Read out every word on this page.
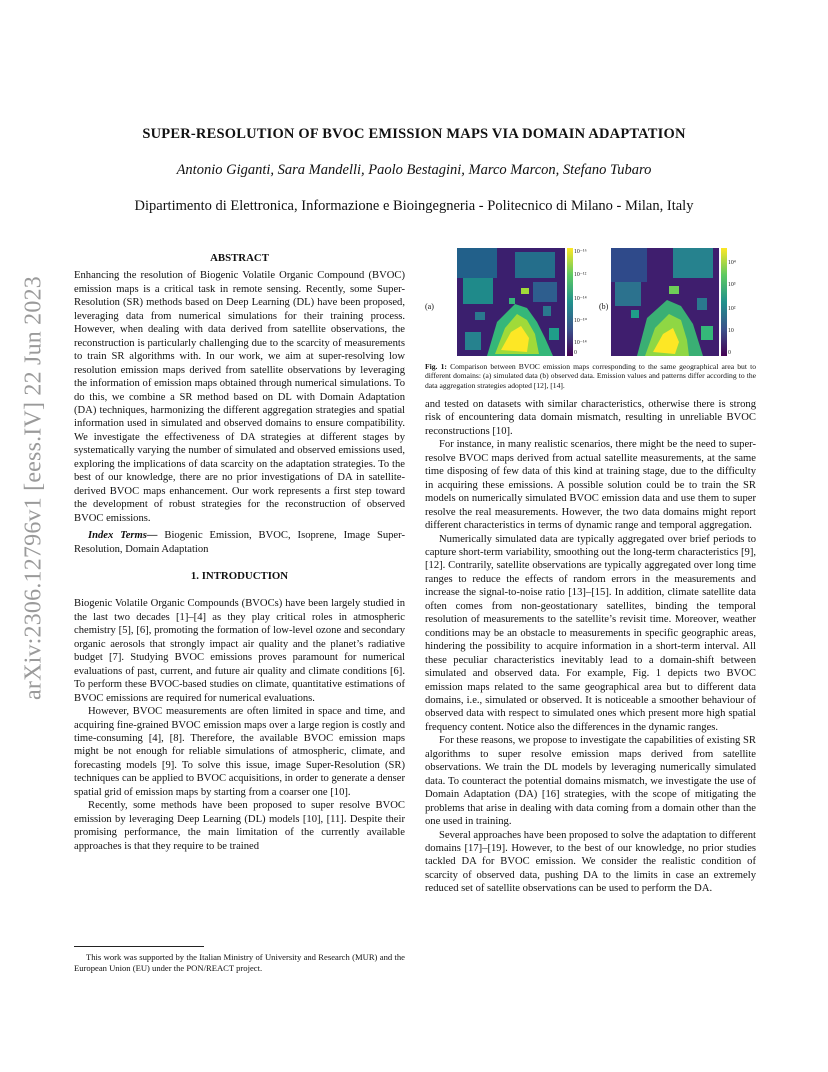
arXiv:2306.12796v1 [eess.IV] 22 Jun 2023
SUPER-RESOLUTION OF BVOC EMISSION MAPS VIA DOMAIN ADAPTATION
Antonio Giganti, Sara Mandelli, Paolo Bestagini, Marco Marcon, Stefano Tubaro
Dipartimento di Elettronica, Informazione e Bioingegneria - Politecnico di Milano - Milan, Italy

ABSTRACT

Enhancing the resolution of Biogenic Volatile Organic Compound (BVOC) emission maps is a critical task in remote sensing. Recently, some Super-Resolution (SR) methods based on Deep Learning (DL) have been proposed, leveraging data from numerical simulations for their training process. However, when dealing with data derived from satellite observations, the reconstruction is particularly challenging due to the scarcity of measurements to train SR algorithms with. In our work, we aim at super-resolving low resolution emission maps derived from satellite observations by leveraging the information of emission maps obtained through numerical simulations. To do this, we combine a SR method based on DL with Domain Adaptation (DA) techniques, harmonizing the different aggregation strategies and spatial information used in simulated and observed domains to ensure compatibility. We investigate the effectiveness of DA strategies at different stages by systematically varying the number of simulated and observed emissions used, exploring the implications of data scarcity on the adaptation strategies. To the best of our knowledge, there are no prior investigations of DA in satellite-derived BVOC maps enhancement. Our work represents a first step toward the development of robust strategies for the reconstruction of observed BVOC emissions.

Index Terms— Biogenic Emission, BVOC, Isoprene, Image Super-Resolution, Domain Adaptation

1. INTRODUCTION

Biogenic Volatile Organic Compounds (BVOCs) have been largely studied in the last two decades [1]–[4] as they play critical roles in atmospheric chemistry [5], [6], promoting the formation of low-level ozone and secondary organic aerosols that strongly impact air quality and the planet’s radiative budget [7]. Studying BVOC emissions proves paramount for numerical evaluations of past, current, and future air quality and climate conditions [6]. To perform these BVOC-based studies on climate, quantitative estimations of BVOC emissions are required for numerical evaluations.

However, BVOC measurements are often limited in space and time, and acquiring fine-grained BVOC emission maps over a large region is costly and time-consuming [4], [8]. Therefore, the available BVOC emission maps might be not enough for reliable simulations of atmospheric, climate, and forecasting models [9]. To solve this issue, image Super-Resolution (SR) techniques can be applied to BVOC acquisitions, in order to generate a denser spatial grid of emission maps by starting from a coarser one [10].

Recently, some methods have been proposed to super resolve BVOC emission by leveraging Deep Learning (DL) models [10], [11]. Despite their promising performance, the main limitation of the currently available approaches is that they require to be trained

This work was supported by the Italian Ministry of University and Research (MUR) and the European Union (EU) under the PON/REACT project.
(a)
10⁻¹⁶
10⁻¹²
10⁻¹⁴
10⁻¹⁰
10⁻¹⁴
0
(b)
10⁴
10³
10²
10
0
Fig. 1: Comparison between BVOC emission maps corresponding to the same geographical area but to different domains: (a) simulated data (b) observed data. Emission values and patterns differ according to the data aggregation strategies adopted [12], [14].

and tested on datasets with similar characteristics, otherwise there is strong risk of encountering data domain mismatch, resulting in unreliable BVOC reconstructions [10].

For instance, in many realistic scenarios, there might be the need to super-resolve BVOC maps derived from actual satellite measurements, at the same time disposing of few data of this kind at training stage, due to the difficulty in acquiring these emissions. A possible solution could be to train the SR models on numerically simulated BVOC emission data and use them to super resolve the real measurements. However, the two data domains might report different characteristics in terms of dynamic range and temporal aggregation.

Numerically simulated data are typically aggregated over brief periods to capture short-term variability, smoothing out the long-term characteristics [9], [12]. Contrarily, satellite observations are typically aggregated over long time ranges to reduce the effects of random errors in the measurements and increase the signal-to-noise ratio [13]–[15]. In addition, climate satellite data often comes from non-geostationary satellites, binding the temporal resolution of measurements to the satellite’s revisit time. Moreover, weather conditions may be an obstacle to measurements in specific geographic areas, hindering the possibility to acquire information in a short-term interval. All these peculiar characteristics inevitably lead to a domain-shift between simulated and observed data. For example, Fig. 1 depicts two BVOC emission maps related to the same geographical area but to different data domains, i.e., simulated or observed. It is noticeable a smoother behaviour of observed data with respect to simulated ones which present more high spatial frequency content. Notice also the differences in the dynamic ranges.

For these reasons, we propose to investigate the capabilities of existing SR algorithms to super resolve emission maps derived from satellite observations. We train the DL models by leveraging numerically simulated data. To counteract the potential domains mismatch, we investigate the use of Domain Adaptation (DA) [16] strategies, with the scope of mitigating the problems that arise in dealing with data coming from a domain other than the one used in training.

Several approaches have been proposed to solve the adaptation to different domains [17]–[19]. However, to the best of our knowledge, no prior studies tackled DA for BVOC emission. We consider the realistic condition of scarcity of observed data, pushing DA to the limits in case an extremely reduced set of satellite observations can be used to perform the DA.
